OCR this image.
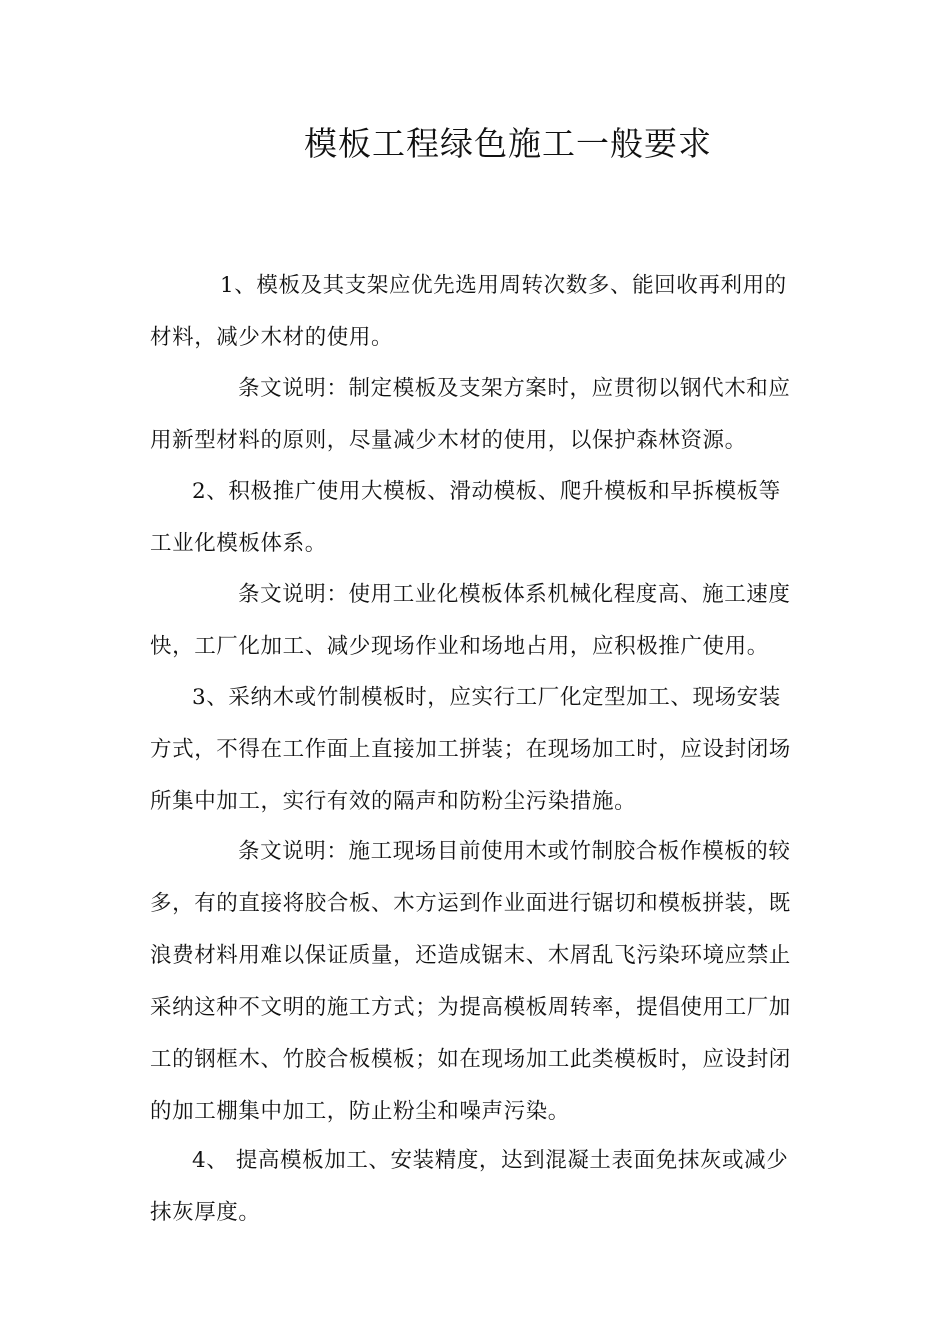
模板工程绿色施工一般要求

1、模板及其支架应优先选用周转次数多、能回收再利用的材料，减少木材的使用。

条文说明：制定模板及支架方案时，应贯彻以钢代木和应用新型材料的原则，尽量减少木材的使用，以保护森林资源。

2、积极推广使用大模板、滑动模板、爬升模板和早拆模板等工业化模板体系。

条文说明：使用工业化模板体系机械化程度高、施工速度快，工厂化加工、减少现场作业和场地占用，应积极推广使用。

3、采纳木或竹制模板时，应实行工厂化定型加工、现场安装方式，不得在工作面上直接加工拼装；在现场加工时，应设封闭场所集中加工，实行有效的隔声和防粉尘污染措施。

条文说明：施工现场目前使用木或竹制胶合板作模板的较多，有的直接将胶合板、木方运到作业面进行锯切和模板拼装，既浪费材料用难以保证质量，还造成锯末、木屑乱飞污染环境应禁止采纳这种不文明的施工方式；为提高模板周转率，提倡使用工厂加工的钢框木、竹胶合板模板；如在现场加工此类模板时，应设封闭的加工棚集中加工，防止粉尘和噪声污染。

4、 提高模板加工、安装精度，达到混凝土表面免抹灰或减少抹灰厚度。
